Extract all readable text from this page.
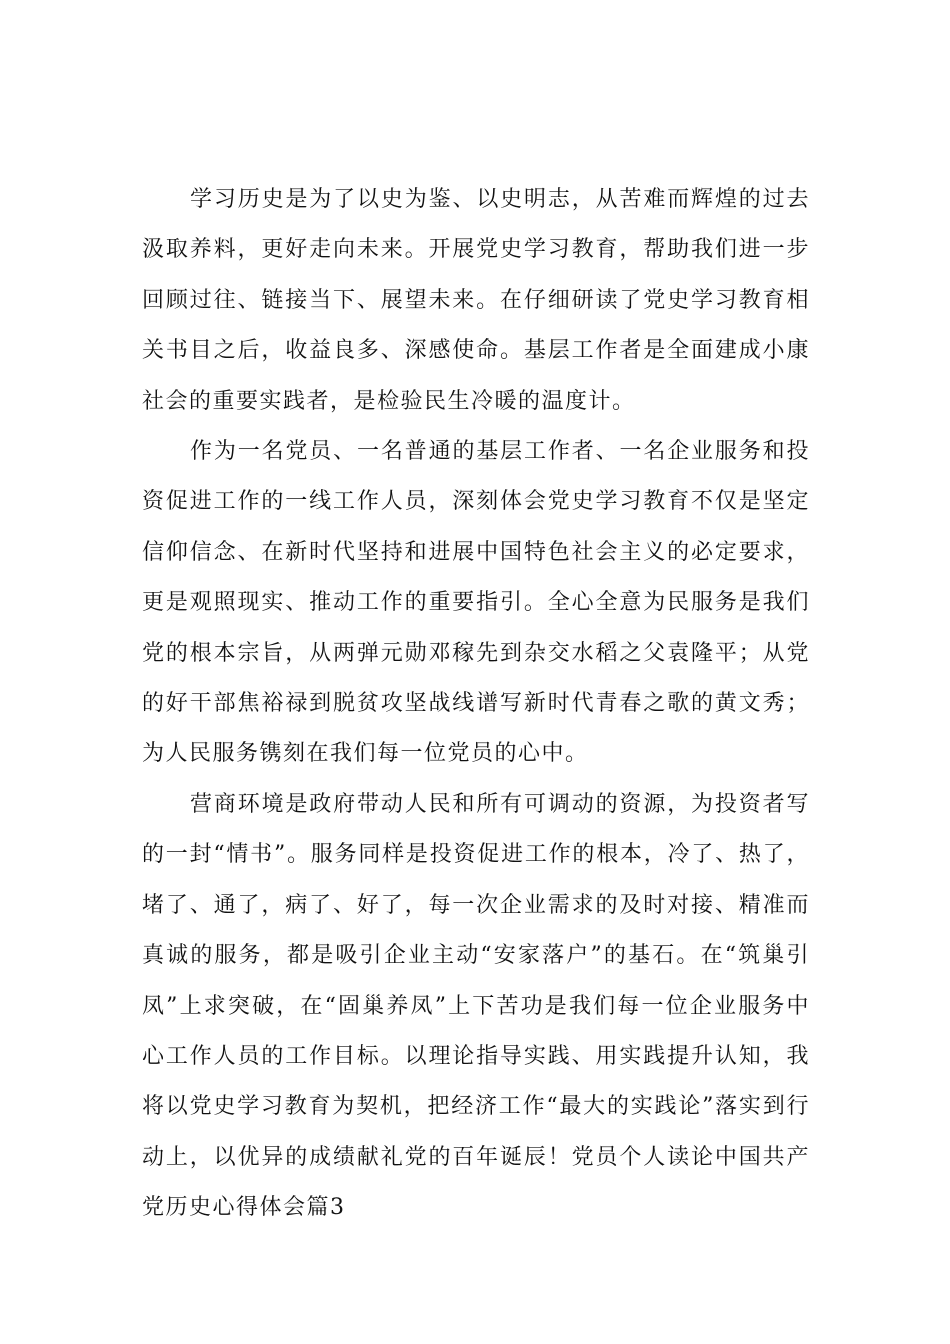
学习历史是为了以史为鉴、以史明志，从苦难而辉煌的过去汲取养料，更好走向未来。开展党史学习教育，帮助我们进一步回顾过往、链接当下、展望未来。在仔细研读了党史学习教育相关书目之后，收益良多、深感使命。基层工作者是全面建成小康社会的重要实践者，是检验民生冷暖的温度计。

作为一名党员、一名普通的基层工作者、一名企业服务和投资促进工作的一线工作人员，深刻体会党史学习教育不仅是坚定信仰信念、在新时代坚持和进展中国特色社会主义的必定要求，更是观照现实、推动工作的重要指引。全心全意为民服务是我们党的根本宗旨，从两弹元勋邓稼先到杂交水稻之父袁隆平；从党的好干部焦裕禄到脱贫攻坚战线谱写新时代青春之歌的黄文秀；为人民服务镌刻在我们每一位党员的心中。

营商环境是政府带动人民和所有可调动的资源，为投资者写的一封“情书”。服务同样是投资促进工作的根本，冷了、热了，堵了、通了，病了、好了，每一次企业需求的及时对接、精准而真诚的服务，都是吸引企业主动“安家落户”的基石。在“筑巢引凤”上求突破，在“固巢养凤”上下苦功是我们每一位企业服务中心工作人员的工作目标。以理论指导实践、用实践提升认知，我将以党史学习教育为契机，把经济工作“最大的实践论”落实到行动上，以优异的成绩献礼党的百年诞辰！党员个人读论中国共产党历史心得体会篇3
